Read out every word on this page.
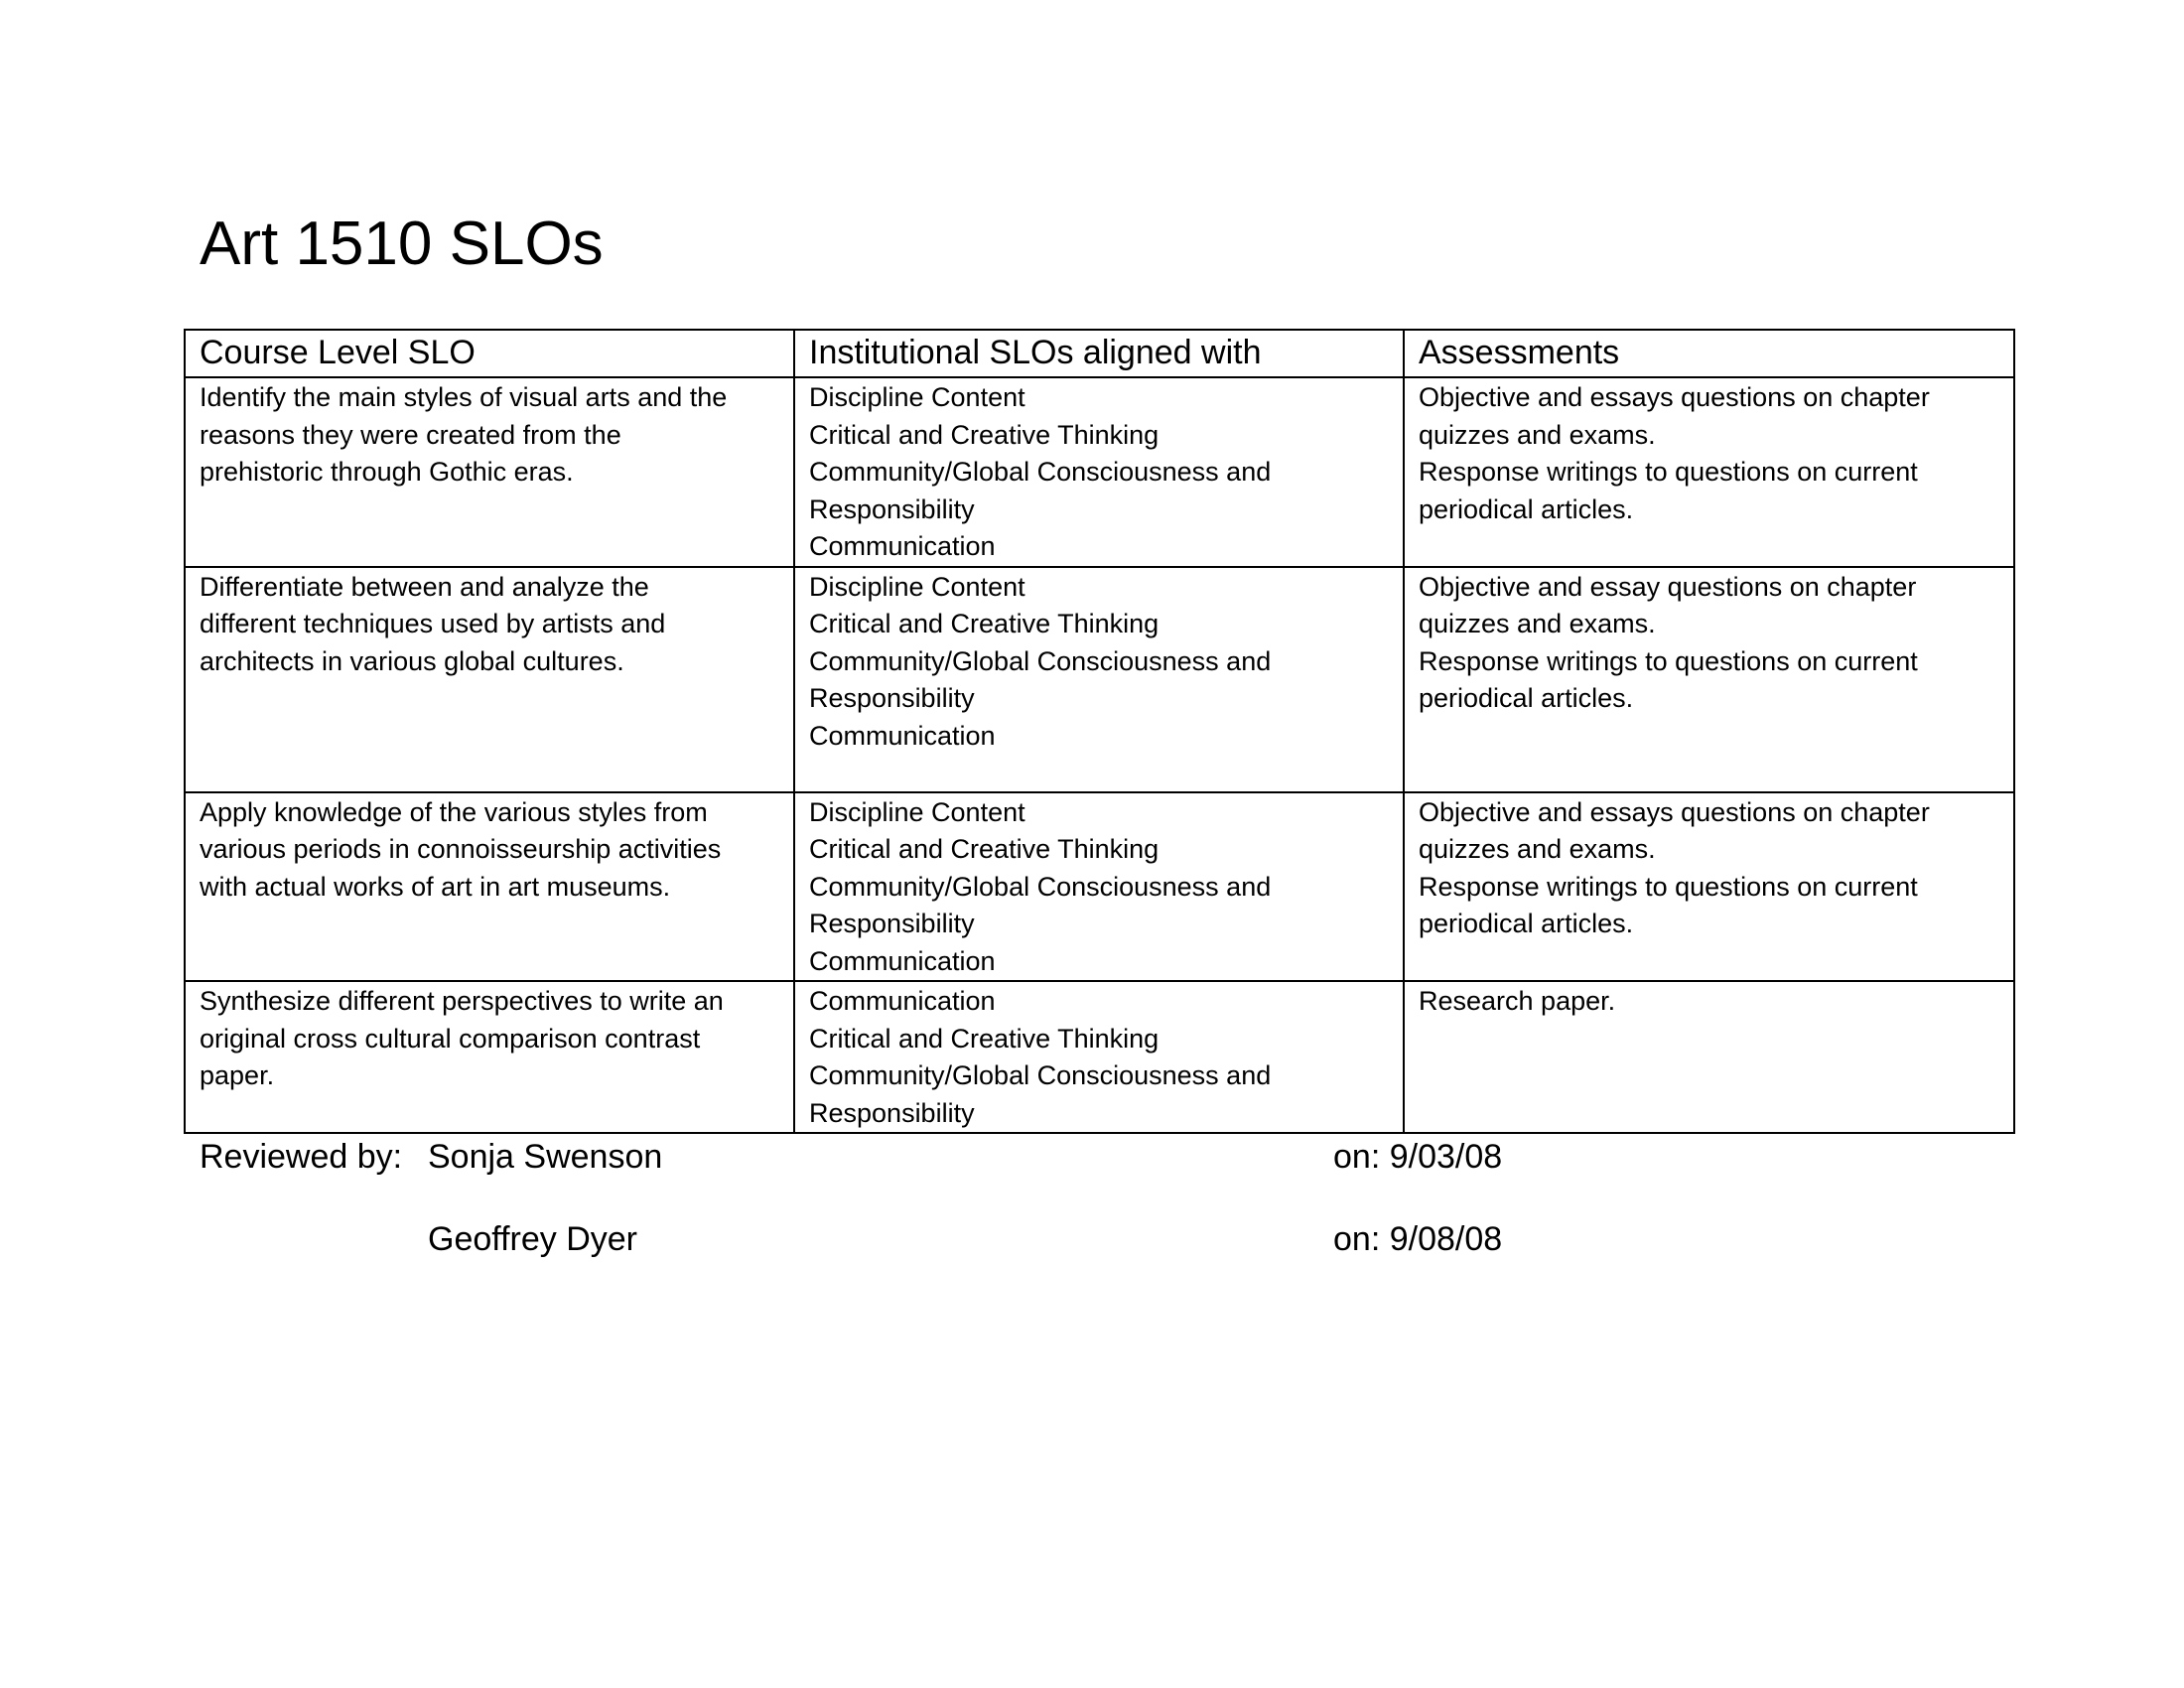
Art 1510 SLOs
Course Level SLO	Institutional SLOs aligned with	Assessments

Identify the main styles of visual arts and the
reasons they were created from the
prehistoric through Gothic eras.	Discipline Content
Critical and Creative Thinking
Community/Global Consciousness and
Responsibility
Communication	Objective and essays questions on chapter
quizzes and exams.
Response writings to questions on current
periodical articles.

Differentiate between and analyze the
different techniques used by artists and
architects in various global cultures.	Discipline Content
Critical and Creative Thinking
Community/Global Consciousness and
Responsibility
Communication	Objective and essay questions on chapter
quizzes and exams.
Response writings to questions on current
periodical articles.

Apply knowledge of the various styles from
various periods in connoisseurship activities
with actual works of art in art museums.	Discipline Content
Critical and Creative Thinking
Community/Global Consciousness and
Responsibility
Communication	Objective and essays questions on chapter
quizzes and exams.
Response writings to questions on current
periodical articles.

Synthesize different perspectives to write an
original cross cultural comparison contrast
paper.	Communication
Critical and Creative Thinking
Community/Global Consciousness and
Responsibility	Research paper.
Reviewed by: Sonja Swenson	on: 9/03/08
Geoffrey Dyer	on: 9/08/08
